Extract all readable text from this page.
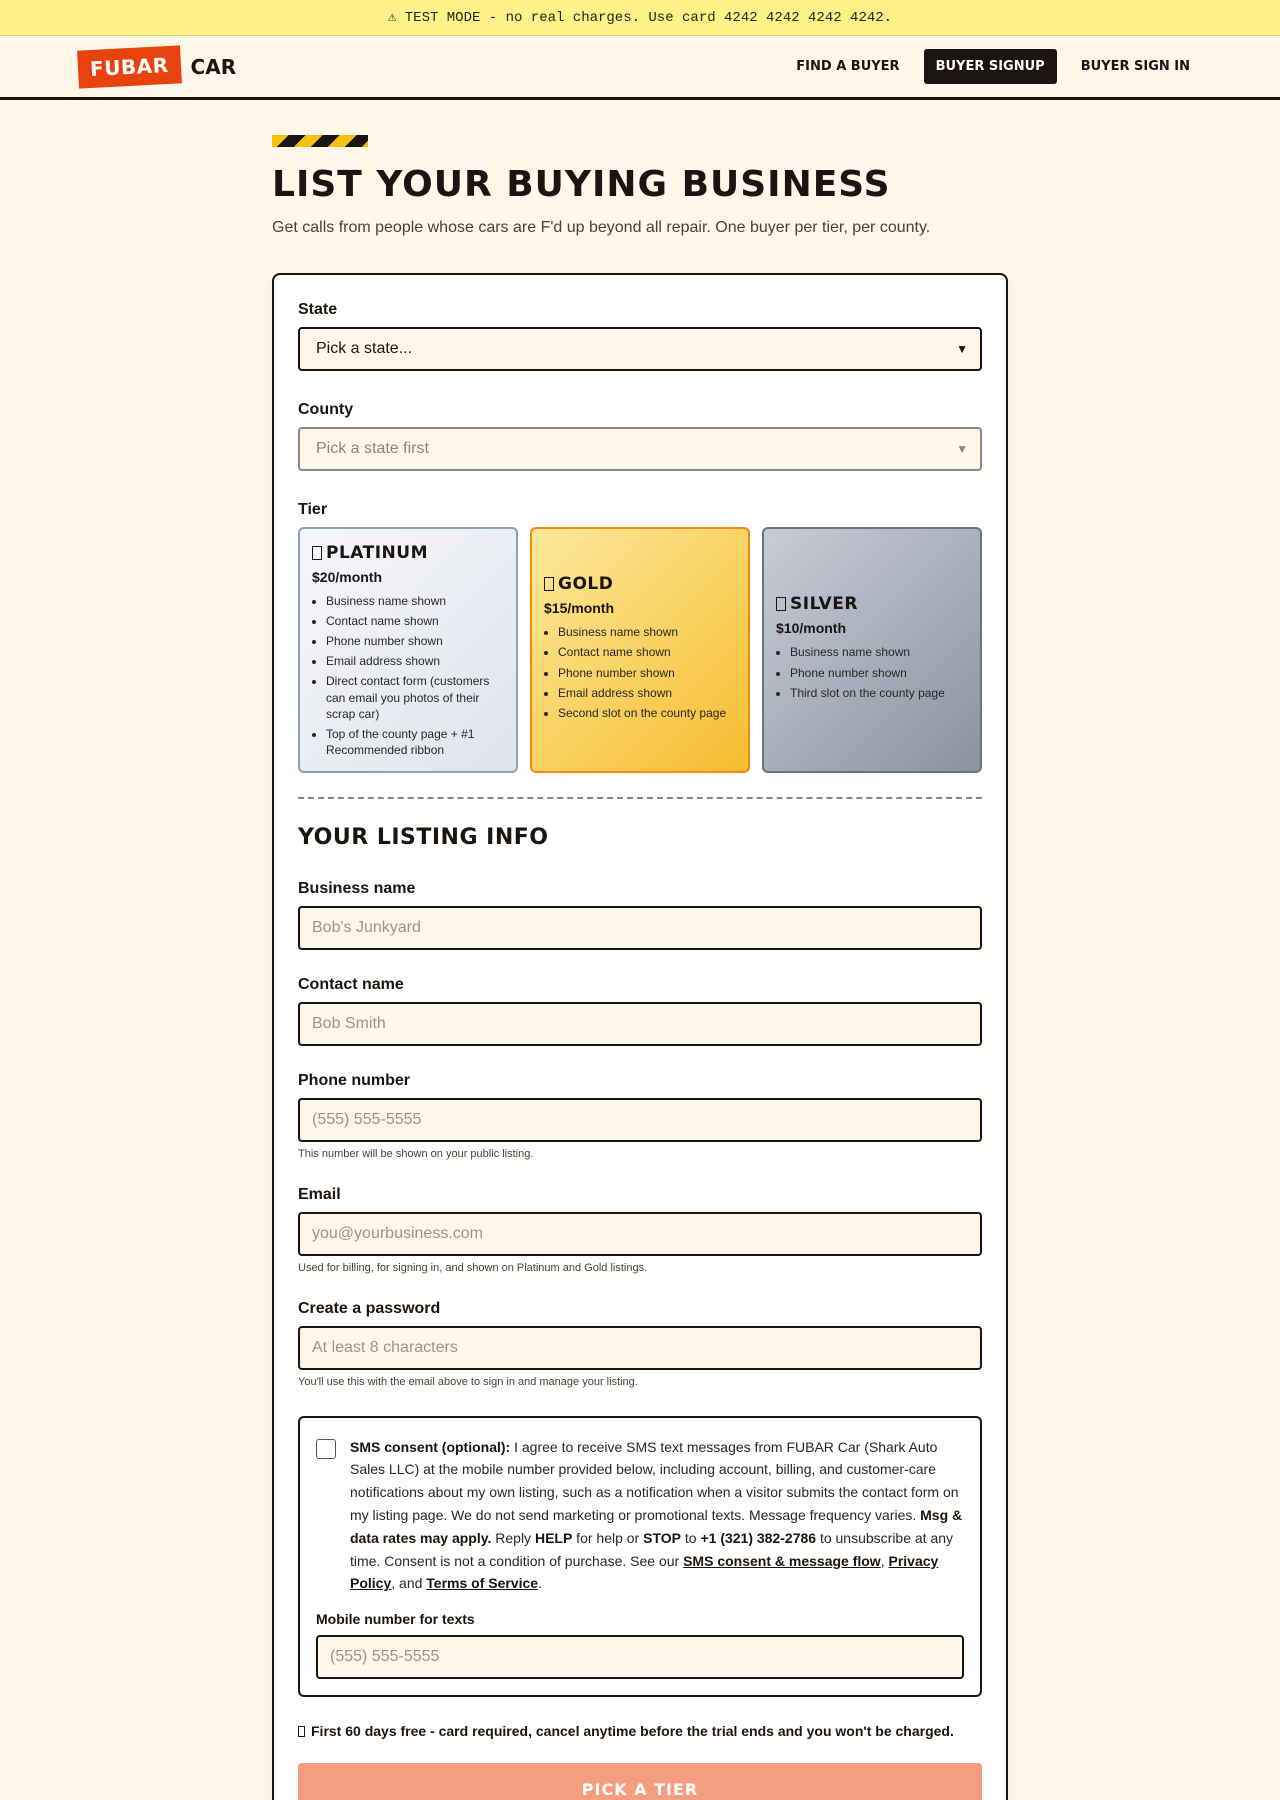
⚠ TEST MODE - no real charges. Use card 4242 4242 4242 4242.
FUBAR	CAR	FIND A BUYER	BUYER SIGNUP	BUYER SIGN IN
LIST YOUR BUYING BUSINESS

Get calls from people whose cars are F'd up beyond all repair. One buyer per tier, per county.

State
Pick a state...	▼
County
Pick a state first	▼
Tier
PLATINUM
$20/month
• Business name shown
• Contact name shown
• Phone number shown
• Email address shown
• Direct contact form (customers can email you photos of their scrap car)
• Top of the county page + #1 Recommended ribbon
GOLD
$15/month
• Business name shown
• Contact name shown
• Phone number shown
• Email address shown
• Second slot on the county page
SILVER
$10/month
• Business name shown
• Phone number shown
• Third slot on the county page
YOUR LISTING INFO
Business name
Bob's Junkyard
Contact name
Bob Smith
Phone number
(555) 555-5555
This number will be shown on your public listing.
Email
you@yourbusiness.com
Used for billing, for signing in, and shown on Platinum and Gold listings.
Create a password
At least 8 characters
You'll use this with the email above to sign in and manage your listing.
SMS consent (optional): I agree to receive SMS text messages from FUBAR Car (Shark Auto Sales LLC) at the mobile number provided below, including account, billing, and customer-care notifications about my own listing, such as a notification when a visitor submits the contact form on my listing page. We do not send marketing or promotional texts. Message frequency varies. Msg & data rates may apply. Reply HELP for help or STOP to +1 (321) 382-2786 to unsubscribe at any time. Consent is not a condition of purchase. See our SMS consent & message flow, Privacy Policy, and Terms of Service.
Mobile number for texts
(555) 555-5555
First 60 days free - card required, cancel anytime before the trial ends and you won't be charged.
PICK A TIER
